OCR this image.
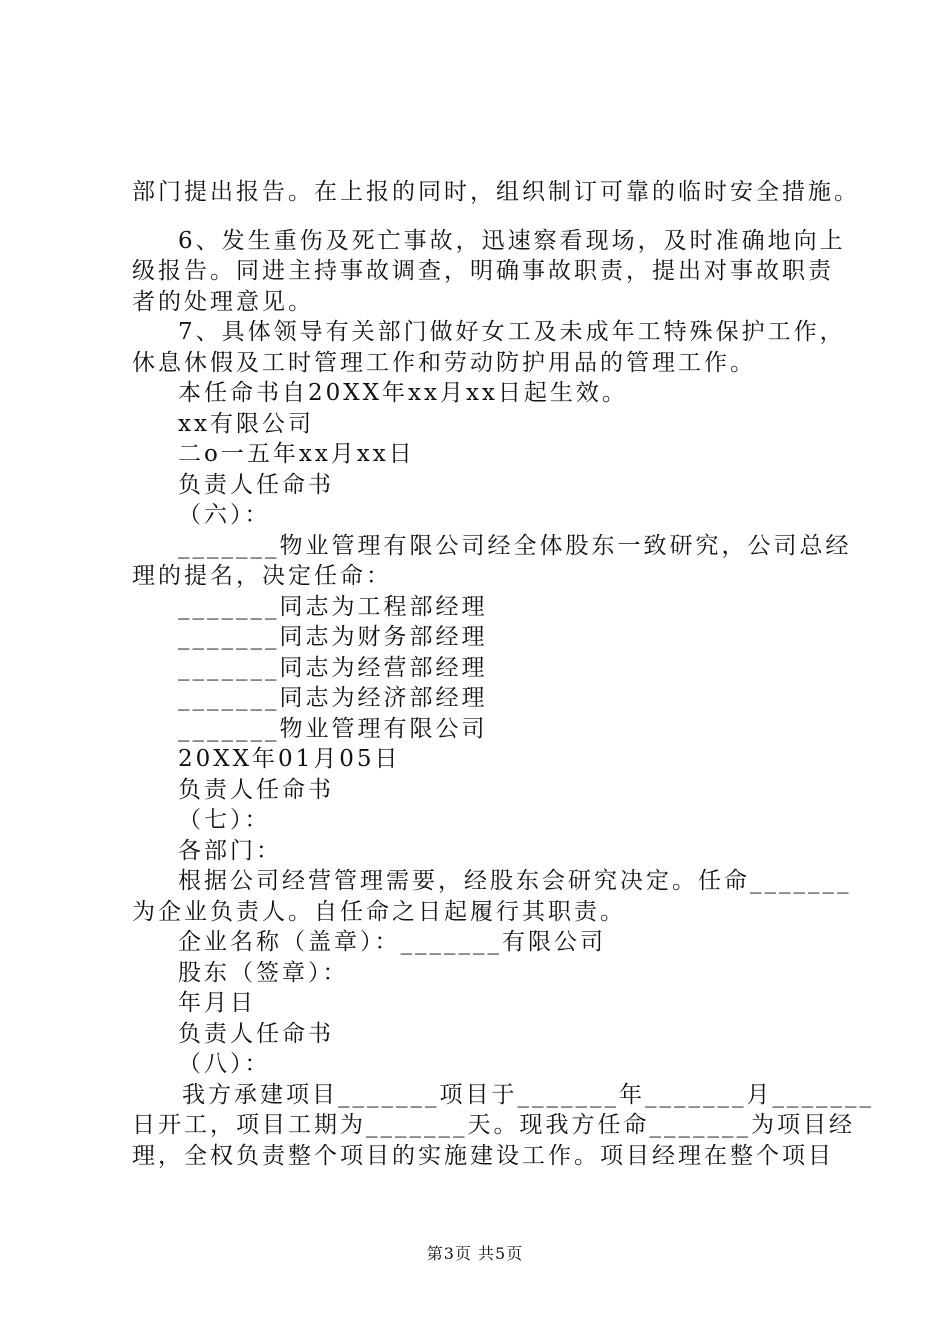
部门提出报告。在上报的同时，组织制订可靠的临时安全措施。
6、发生重伤及死亡事故，迅速察看现场，及时准确地向上
级报告。同进主持事故调查，明确事故职责，提出对事故职责
者的处理意见。
7、具体领导有关部门做好女工及未成年工特殊保护工作，
休息休假及工时管理工作和劳动防护用品的管理工作。
本任命书自20XX年xx月xx日起生效。
xx有限公司
二o一五年xx月xx日
负责人任命书
（六）：
_______物业管理有限公司经全体股东一致研究，公司总经
理的提名，决定任命：
_______同志为工程部经理
_______同志为财务部经理
_______同志为经营部经理
_______同志为经济部经理
_______物业管理有限公司
20XX年01月05日
负责人任命书
（七）：
各部门：
根据公司经营管理需要，经股东会研究决定。任命_______
为企业负责人。自任命之日起履行其职责。
企业名称（盖章）：_______有限公司
股东（签章）：
年月日
负责人任命书
（八）：
我方承建项目_______项目于_______年_______月_______
日开工，项目工期为_______天。现我方任命_______为项目经
理，全权负责整个项目的实施建设工作。项目经理在整个项目
第3页 共5页
